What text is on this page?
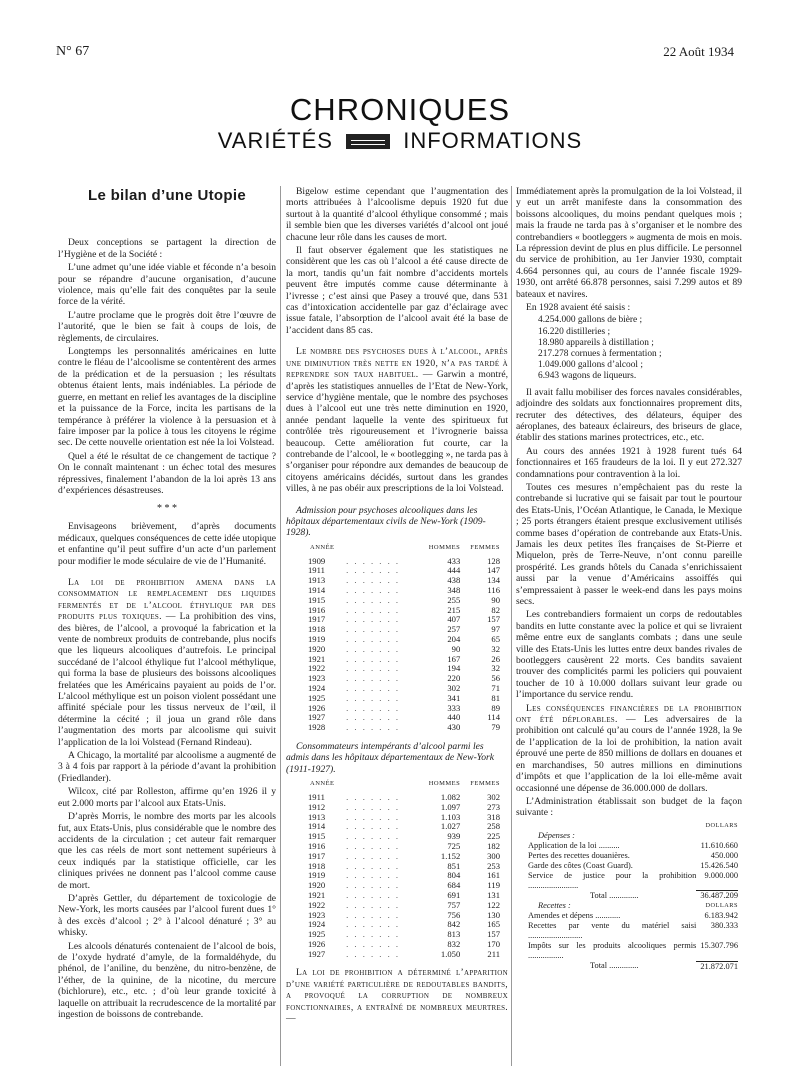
N° 67	22 Août 1934
CHRONIQUES
VARIÉTÉS	INFORMATIONS
Le bilan d’une Utopie

Deux conceptions se partagent la direction de l’Hygiène et de la Société :

L’une admet qu’une idée viable et féconde n’a besoin pour se répandre d’aucune organisation, d’aucune violence, mais qu’elle fait des conquêtes par la seule force de la vérité.

L’autre proclame que le progrès doit être l’œuvre de l’autorité, que le bien se fait à coups de lois, de règlements, de circulaires.

Longtemps les personnalités américaines en lutte contre le fléau de l’alcoolisme se contentèrent des armes de la prédication et de la persuasion ; les résultats obtenus étaient lents, mais indéniables. La période de guerre, en mettant en relief les avantages de la discipline et la puissance de la Force, incita les partisans de la tempérance à préférer la violence à la persuasion et à faire imposer par la police à tous les citoyens le régime sec. De cette nouvelle orientation est née la loi Volstead.

Quel a été le résultat de ce changement de tactique ? On le connaît maintenant : un échec total des mesures répressives, finalement l’abandon de la loi après 13 ans d’expériences désastreuses.

* * *

Envisageons brièvement, d’après documents médicaux, quelques conséquences de cette idée utopique et enfantine qu’il peut suffire d’un acte d’un parlement pour modifier le mode séculaire de vie de l’Humanité.

La loi de prohibition amena dans la consommation le remplacement des liquides fermentés et de l’alcool éthylique par des produits plus toxiques. — La prohibition des vins, des bières, de l’alcool, a provoqué la fabrication et la vente de nombreux produits de contrebande, plus nocifs que les liqueurs alcooliques d’autrefois. Le principal succédané de l’alcool éthylique fut l’alcool méthylique, qui forma la base de plusieurs des boissons alcooliques frelatées que les Américains payaient au poids de l’or. L’alcool méthylique est un poison violent possédant une affinité spéciale pour les tissus nerveux de l’œil, il détermine la cécité ; il joua un grand rôle dans l’augmentation des morts par alcoolisme qui suivit l’application de la loi Volstead (Fernand Rindeau).

A Chicago, la mortalité par alcoolisme a augmenté de 3 à 4 fois par rapport à la période d’avant la prohibition (Friedlander).

Wilcox, cité par Rolleston, affirme qu’en 1926 il y eut 2.000 morts par l’alcool aux Etats-Unis.

D’après Morris, le nombre des morts par les alcools fut, aux Etats-Unis, plus considérable que le nombre des accidents de la circulation ; cet auteur fait remarquer que les cas réels de mort sont nettement supérieurs à ceux indiqués par la statistique officielle, car les cliniques privées ne donnent pas l’alcool comme cause de mort.

D’après Gettler, du département de toxicologie de New-York, les morts causées par l’alcool furent dues 1° à des excès d’alcool ; 2° à l’alcool dénaturé ; 3° au whisky.

Les alcools dénaturés contenaient de l’alcool de bois, de l’oxyde hydraté d’amyle, de la formaldéhyde, du phénol, de l’aniline, du benzène, du nitro-benzène, de l’éther, de la quinine, de la nicotine, du mercure (bichlorure), etc., etc. ; d’où leur grande toxicité à laquelle on attribuait la recrudescence de la mortalité par ingestion de boissons de contrebande.

Bigelow estime cependant que l’augmentation des morts attribuées à l’alcoolisme depuis 1920 fut due surtout à la quantité d’alcool éthylique consommé ; mais il semble bien que les diverses variétés d’alcool ont joué chacune leur rôle dans les causes de mort.

Il faut observer également que les statistiques ne considèrent que les cas où l’alcool a été cause directe de la mort, tandis qu’un fait nombre d’accidents mortels peuvent être imputés comme cause déterminante à l’ivresse ; c’est ainsi que Pasey a trouvé que, dans 531 cas d’intoxication accidentelle par gaz d’éclairage avec issue fatale, l’absorption de l’alcool avait été la base de l’accident dans 85 cas.

Le nombre des psychoses dues à l’alcool, après une diminution très nette en 1920, n’a pas tardé à reprendre son taux habituel. — Garwin a montré, d’après les statistiques annuelles de l’Etat de New-York, service d’hygiène mentale, que le nombre des psychoses dues à l’alcool eut une très nette diminution en 1920, année pendant laquelle la vente des spiritueux fut contrôlée très rigoureusement et l’ivrognerie baissa beaucoup. Cette amélioration fut courte, car la contrebande de l’alcool, le « bootlegging », ne tarda pas à s’organiser pour répondre aux demandes de beaucoup de citoyens américains décidés, surtout dans les grandes villes, à ne pas obéir aux prescriptions de la loi Volstead.

Admission pour psychoses alcooliques dans les hôpitaux départementaux civils de New-York (1909-1928).

ANNÉE		HOMMES	FEMMES
1909	. . . . . . .	433	128
1911	. . . . . . .	444	147
1913	. . . . . . .	438	134
1914	. . . . . . .	348	116
1915	. . . . . . .	255	90
1916	. . . . . . .	215	82
1917	. . . . . . .	407	157
1918	. . . . . . .	257	97
1919	. . . . . . .	204	65
1920	. . . . . . .	90	32
1921	. . . . . . .	167	26
1922	. . . . . . .	194	32
1923	. . . . . . .	220	56
1924	. . . . . . .	302	71
1925	. . . . . . .	341	81
1926	. . . . . . .	333	89
1927	. . . . . . .	440	114
1928	. . . . . . .	430	79

Consommateurs intempérants d’alcool parmi les admis dans les hôpitaux départementaux de New-York (1911-1927).

ANNÉE		HOMMES	FEMMES
1911	. . . . . . .	1.082	302
1912	. . . . . . .	1.097	273
1913	. . . . . . .	1.103	318
1914	. . . . . . .	1.027	258
1915	. . . . . . .	939	225
1916	. . . . . . .	725	182
1917	. . . . . . .	1.152	300
1918	. . . . . . .	851	253
1919	. . . . . . .	804	161
1920	. . . . . . .	684	119
1921	. . . . . . .	691	131
1922	. . . . . . .	757	122
1923	. . . . . . .	756	130
1924	. . . . . . .	842	165
1925	. . . . . . .	813	157
1926	. . . . . . .	832	170
1927	. . . . . . .	1.050	211

La loi de prohibition a déterminé l’apparition d’une variété particulière de redoutables bandits, a provoqué la corruption de nombreux fonctionnaires, a entraîné de nombreux meurtres. —

Immédiatement après la promulgation de la loi Volstead, il y eut un arrêt manifeste dans la consommation des boissons alcooliques, du moins pendant quelques mois ; mais la fraude ne tarda pas à s’organiser et le nombre des contrebandiers « bootleggers » augmenta de mois en mois. La répression devint de plus en plus difficile. Le personnel du service de prohibition, au 1er Janvier 1930, comptait 4.664 personnes qui, au cours de l’année fiscale 1929-1930, ont arrêté 66.878 personnes, saisi 7.299 autos et 89 bateaux et navires.

En 1928 avaient été saisis :

4.254.000 gallons de bière ;
16.220 distilleries ;
18.980 appareils à distillation ;
217.278 cornues à fermentation ;
1.049.000 gallons d’alcool ;
6.943 wagons de liqueurs.

Il avait fallu mobiliser des forces navales considérables, adjoindre des soldats aux fonctionnaires proprement dits, recruter des détectives, des délateurs, équiper des aéroplanes, des bateaux éclaireurs, des briseurs de glace, établir des stations marines protectrices, etc., etc.

Au cours des années 1921 à 1928 furent tués 64 fonctionnaires et 165 fraudeurs de la loi. Il y eut 272.327 condamnations pour contravention à la loi.

Toutes ces mesures n’empêchaient pas du reste la contrebande si lucrative qui se faisait par tout le pourtour des Etats-Unis, l’Océan Atlantique, le Canada, le Mexique ; 25 ports étrangers étaient presque exclusivement utilisés comme bases d’opération de contrebande aux Etats-Unis. Jamais les deux petites îles françaises de St-Pierre et Miquelon, près de Terre-Neuve, n’ont connu pareille prospérité. Les grands hôtels du Canada s’enrichissaient aussi par la venue d’Américains assoiffés qui s’empressaient à passer le week-end dans les pays moins secs.

Les contrebandiers formaient un corps de redoutables bandits en lutte constante avec la police et qui se livraient même entre eux de sanglants combats ; dans une seule ville des Etats-Unis les luttes entre deux bandes rivales de bootleggers causèrent 22 morts. Ces bandits savaient trouver des complicités parmi les policiers qui pouvaient toucher de 10 à 10.000 dollars suivant leur grade ou l’importance du service rendu.

Les conséquences financières de la prohibition ont été déplorables. — Les adversaires de la prohibition ont calculé qu’au cours de l’année 1928, la 9e de l’application de la loi de prohibition, la nation avait éprouvé une perte de 850 millions de dollars en douanes et en marchandises, 50 autres millions en diminutions d’impôts et que l’application de la loi elle-même avait occasionné une dépense de 36.000.000 de dollars.

L’Administration établissait son budget de la façon suivante :

	DOLLARS
Dépenses :	
Application de la loi ..........	11.610.660
Pertes des recettes douanières.	450.000
Garde des côtes (Coast Guard).	15.426.540
Service de justice pour la prohibition ........................	9.000.000
Total ..............	36.487.209
Recettes :	DOLLARS
Amendes et dépens ............	6.183.942
Recettes par vente du matériel saisi ..........................	380.333
Impôts sur les produits alcooliques permis .................	15.307.796
Total ..............	21.872.071
